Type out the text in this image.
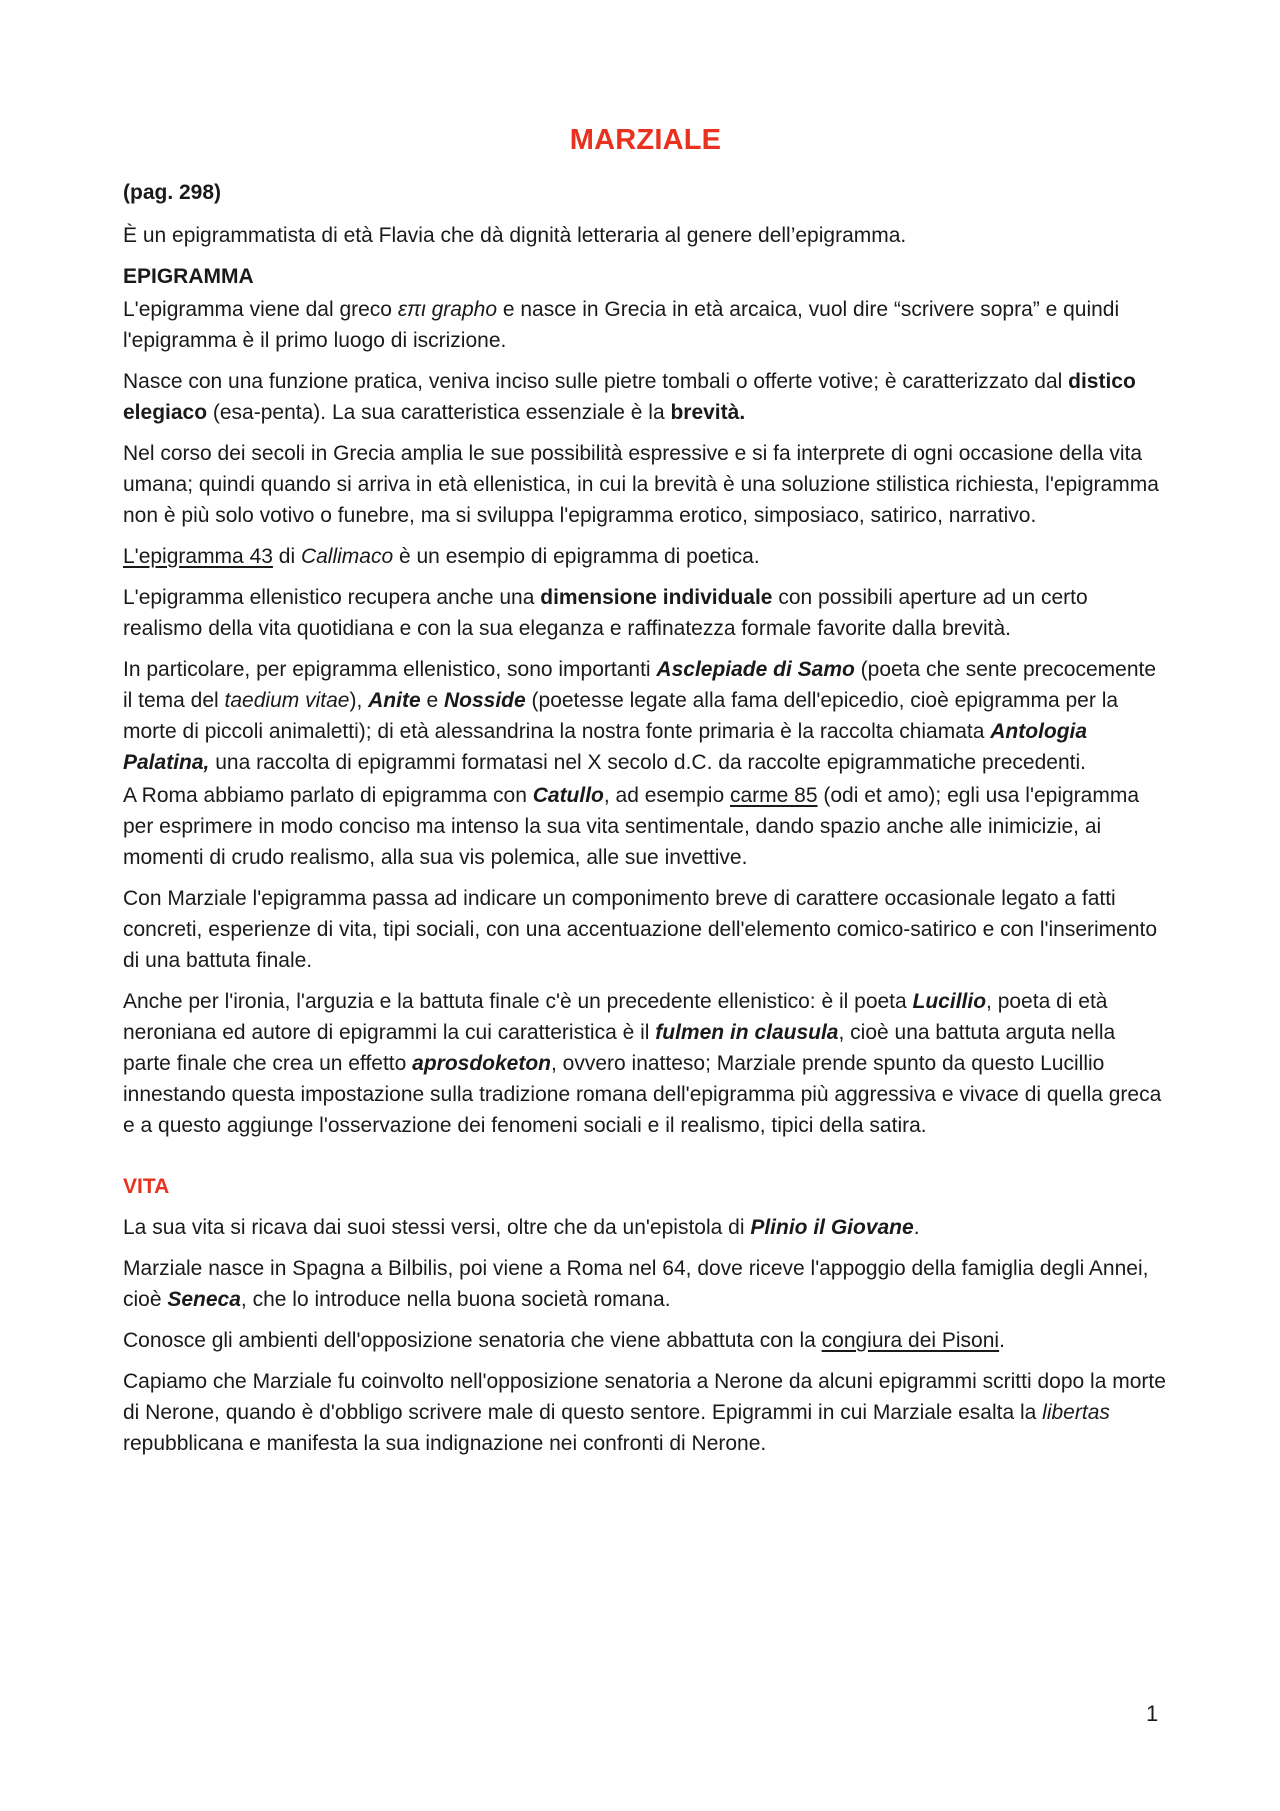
MARZIALE
(pag. 298)

È un epigrammatista di età Flavia che dà dignità letteraria al genere dell’epigramma.

EPIGRAMMA

L'epigramma viene dal greco επι grapho e nasce in Grecia in età arcaica, vuol dire “scrivere sopra” e quindi l'epigramma è il primo luogo di iscrizione.

Nasce con una funzione pratica, veniva inciso sulle pietre tombali o offerte votive; è caratterizzato dal distico elegiaco (esa-penta). La sua caratteristica essenziale è la brevità.

Nel corso dei secoli in Grecia amplia le sue possibilità espressive e si fa interprete di ogni occasione della vita umana; quindi quando si arriva in età ellenistica, in cui la brevità è una soluzione stilistica richiesta, l'epigramma non è più solo votivo o funebre, ma si sviluppa l'epigramma erotico, simposiaco, satirico, narrativo.

L'epigramma 43 di Callimaco è un esempio di epigramma di poetica.

L'epigramma ellenistico recupera anche una dimensione individuale con possibili aperture ad un certo realismo della vita quotidiana e con la sua eleganza e raffinatezza formale favorite dalla brevità.

In particolare, per epigramma ellenistico, sono importanti Asclepiade di Samo (poeta che sente precocemente il tema del taedium vitae), Anite e Nosside (poetesse legate alla fama dell'epicedio, cioè epigramma per la morte di piccoli animaletti); di età alessandrina la nostra fonte primaria è la raccolta chiamata Antologia Palatina, una raccolta di epigrammi formatasi nel X secolo d.C. da raccolte epigrammatiche precedenti.

A Roma abbiamo parlato di epigramma con Catullo, ad esempio carme 85 (odi et amo); egli usa l'epigramma per esprimere in modo conciso ma intenso la sua vita sentimentale, dando spazio anche alle inimicizie, ai momenti di crudo realismo, alla sua vis polemica, alle sue invettive.

Con Marziale l'epigramma passa ad indicare un componimento breve di carattere occasionale legato a fatti concreti, esperienze di vita, tipi sociali, con una accentuazione dell'elemento comico-satirico e con l'inserimento di una battuta finale.

Anche per l'ironia, l'arguzia e la battuta finale c'è un precedente ellenistico: è il poeta Lucillio, poeta di età neroniana ed autore di epigrammi la cui caratteristica è il fulmen in clausula, cioè una battuta arguta nella parte finale che crea un effetto aprosdoketon, ovvero inatteso; Marziale prende spunto da questo Lucillio innestando questa impostazione sulla tradizione romana dell'epigramma più aggressiva e vivace di quella greca e a questo aggiunge l'osservazione dei fenomeni sociali e il realismo, tipici della satira.

VITA

La sua vita si ricava dai suoi stessi versi, oltre che da un'epistola di Plinio il Giovane.

Marziale nasce in Spagna a Bilbilis, poi viene a Roma nel 64, dove riceve l'appoggio della famiglia degli Annei, cioè Seneca, che lo introduce nella buona società romana.

Conosce gli ambienti dell'opposizione senatoria che viene abbattuta con la congiura dei Pisoni.

Capiamo che Marziale fu coinvolto nell'opposizione senatoria a Nerone da alcuni epigrammi scritti dopo la morte di Nerone, quando è d'obbligo scrivere male di questo sentore. Epigrammi in cui Marziale esalta la libertas repubblicana e manifesta la sua indignazione nei confronti di Nerone.

1
